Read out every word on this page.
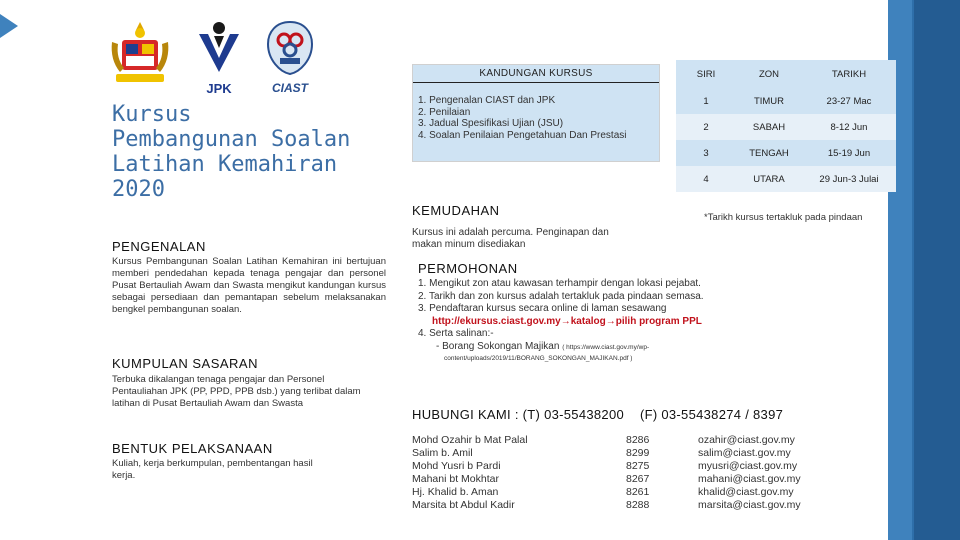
JPK	CIAST
Kursus
Pembangunan Soalan
Latihan Kemahiran
2020
PENGENALAN
Kursus Pembangunan Soalan Latihan Kemahiran ini bertujuan memberi pendedahan kepada tenaga pengajar dan personel Pusat Bertauliah Awam dan Swasta mengikut kandungan kursus sebagai persediaan dan pemantapan sebelum melaksanakan bengkel pembangunan soalan.
KUMPULAN SASARAN
Terbuka dikalangan tenaga pengajar dan Personel Pentauliahan JPK (PP, PPD, PPB dsb.) yang terlibat dalam latihan di Pusat Bertauliah Awam dan Swasta
BENTUK PELAKSANAAN
Kuliah, kerja berkumpulan, pembentangan hasil kerja.
KANDUNGAN KURSUS
1. Pengenalan CIAST dan JPK
2. Penilaian
3. Jadual Spesifikasi Ujian (JSU)
4. Soalan Penilaian Pengetahuan Dan Prestasi
SIRI	ZON	TARIKH
1	TIMUR	23-27 Mac
2	SABAH	8-12 Jun
3	TENGAH	15-19 Jun
4	UTARA	29 Jun-3 Julai
*Tarikh kursus tertakluk pada pindaan
KEMUDAHAN
Kursus ini adalah percuma. Penginapan dan makan minum disediakan
PERMOHONAN
1. Mengikut zon atau kawasan terhampir dengan lokasi pejabat.
2. Tarikh dan zon kursus adalah tertakluk pada pindaan semasa.
3. Pendaftaran kursus secara online di laman sesawang
http://ekursus.ciast.gov.my→katalog→pilih program PPL
4. Serta salinan:-
- Borang Sokongan Majikan ( https://www.ciast.gov.my/wp-
content/uploads/2019/11/BORANG_SOKONGAN_MAJIKAN.pdf )
HUBUNGI KAMI : (T) 03-55438200 (F) 03-55438274 / 8397
Mohd Ozahir b Mat Palal	8286	ozahir@ciast.gov.my
Salim b. Amil	8299	salim@ciast.gov.my
Mohd Yusri b Pardi	8275	myusri@ciast.gov.my
Mahani bt Mokhtar	8267	mahani@ciast.gov.my
Hj. Khalid b. Aman	8261	khalid@ciast.gov.my
Marsita bt Abdul Kadir	8288	marsita@ciast.gov.my
